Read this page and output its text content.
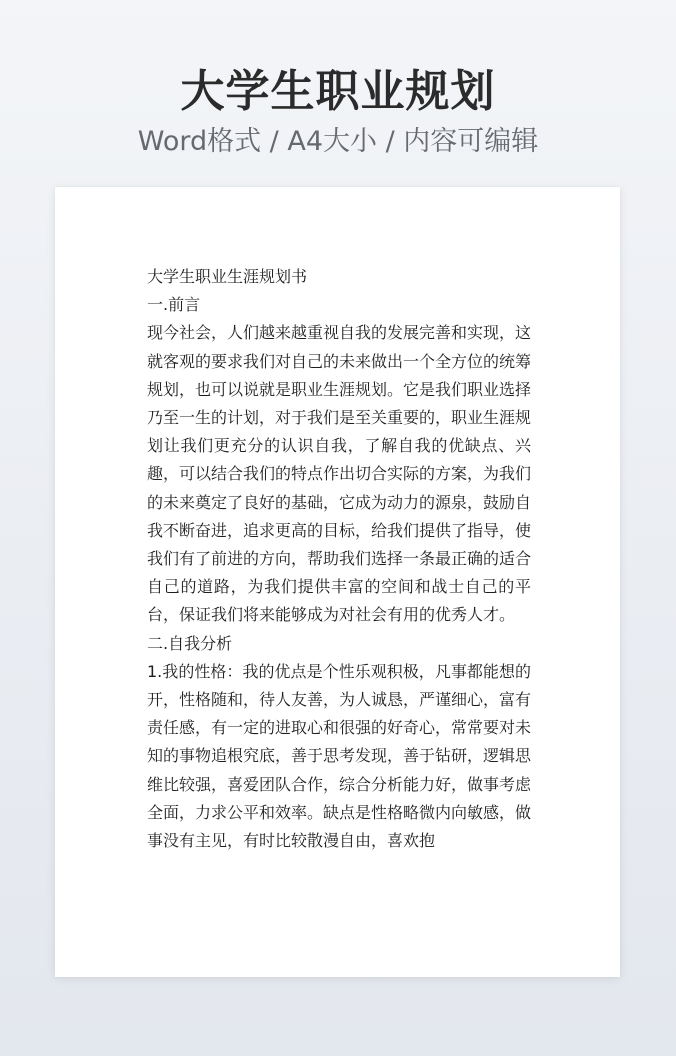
大学生职业规划
Word格式 / A4大小 / 内容可编辑

大学生职业生涯规划书

一.前言

现今社会，人们越来越重视自我的发展完善和实现，这就客观的要求我们对自己的未来做出一个全方位的统筹规划，也可以说就是职业生涯规划。它是我们职业选择乃至一生的计划，对于我们是至关重要的，职业生涯规划让我们更充分的认识自我，了解自我的优缺点、兴趣，可以结合我们的特点作出切合实际的方案，为我们的未来奠定了良好的基础，它成为动力的源泉，鼓励自我不断奋进，追求更高的目标，给我们提供了指导，使我们有了前进的方向，帮助我们选择一条最正确的适合自己的道路，为我们提供丰富的空间和战士自己的平台，保证我们将来能够成为对社会有用的优秀人才。

二.自我分析

1.我的性格：我的优点是个性乐观积极，凡事都能想的开，性格随和，待人友善，为人诚恳，严谨细心，富有责任感，有一定的进取心和很强的好奇心，常常要对未知的事物追根究底，善于思考发现，善于钻研，逻辑思维比较强，喜爱团队合作，综合分析能力好，做事考虑全面，力求公平和效率。缺点是性格略微内向敏感，做事没有主见，有时比较散漫自由，喜欢抱
